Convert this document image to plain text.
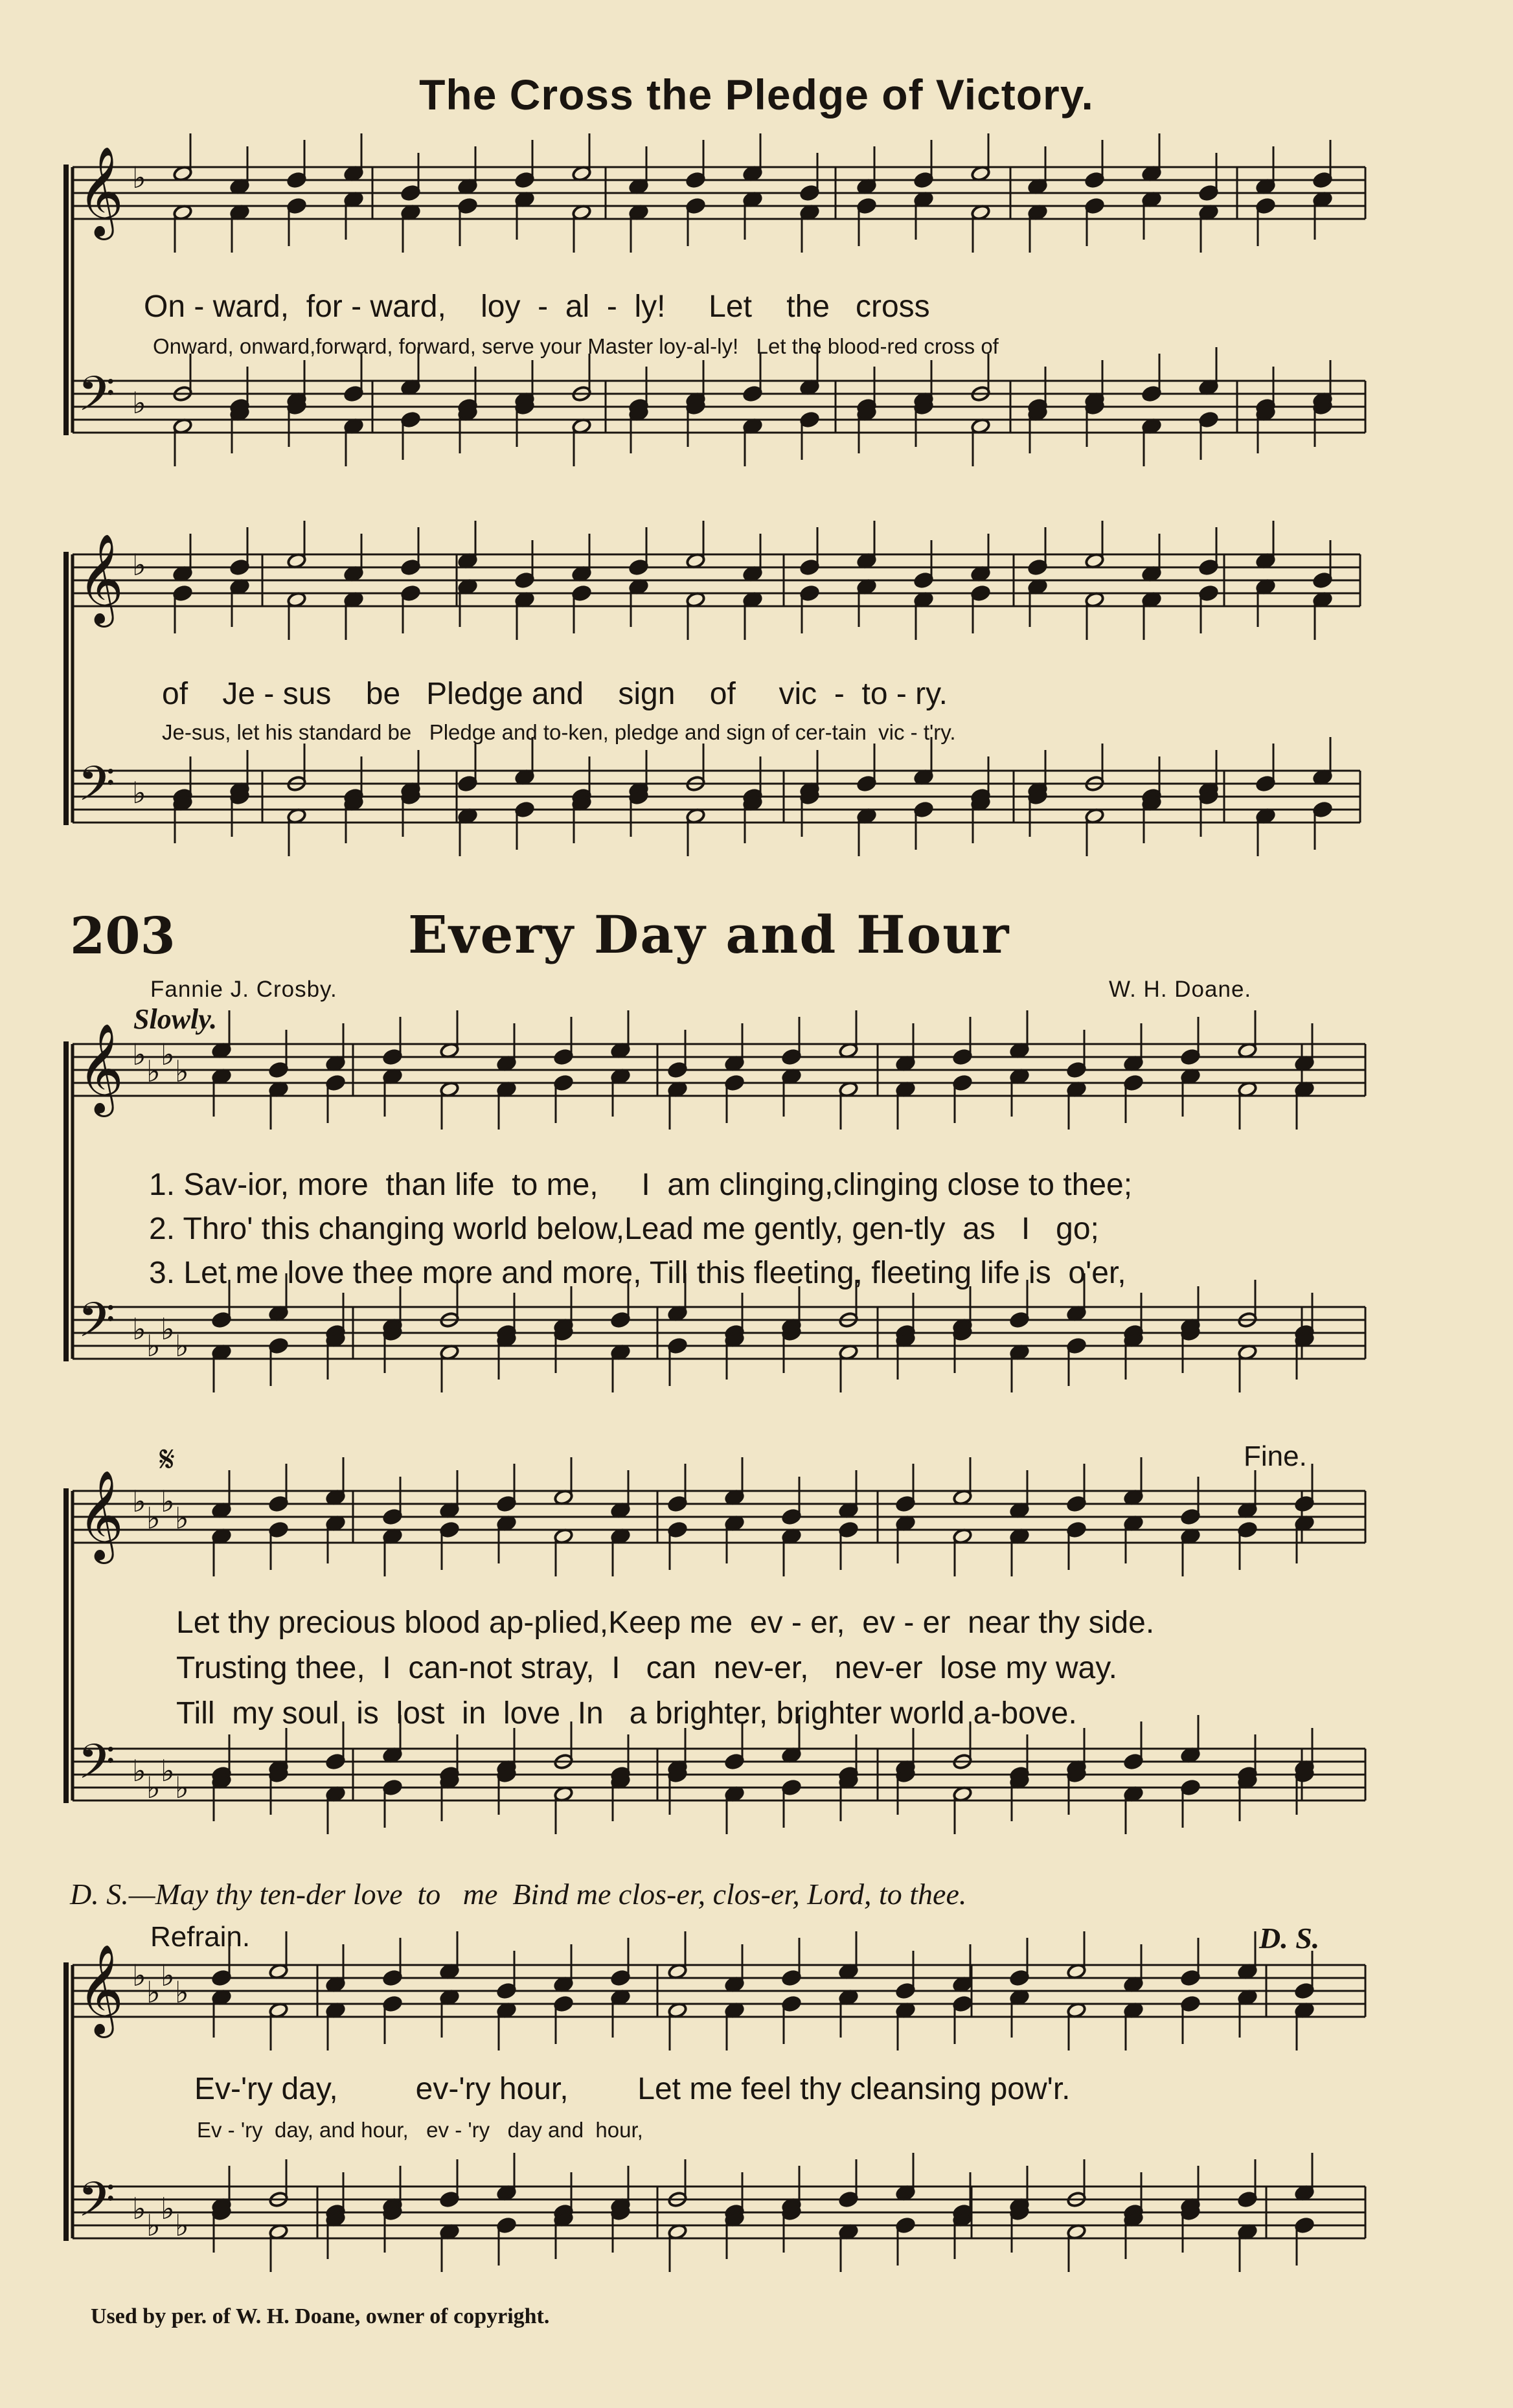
𝄞
𝄢
♭
♭
𝄞
𝄢
♭
♭
𝄞
𝄢
♭
♭
♭
♭
♭
♭
♭
♭
𝄞
𝄢
♭
♭
♭
♭
♭
♭
♭
♭
𝄞
𝄢
♭
♭
♭
♭
♭
♭
♭
♭
𝄋
The Cross the Pledge of Victory.
On - ward,  for - ward,    loy  -  al  -  ly!     Let    the   cross
Onward, onward,forward, forward, serve your Master loy-al-ly!   Let the blood-red cross of
of    Je - sus    be   Pledge and    sign    of     vic  -  to - ry.
Je-sus, let his standard be   Pledge and to-ken, pledge and sign of cer-tain  vic - t'ry.
203	Every Day and Hour
Fannie J. Crosby.	W. H. Doane.
Slowly.
1. Sav-ior, more  than life  to me,     I  am clinging,clinging close to thee;
2. Thro' this changing world below,Lead me gently, gen-tly  as   I   go;
3. Let me love thee more and more, Till this fleeting, fleeting life is  o'er,
Fine.
Let thy precious blood ap-plied,Keep me  ev - er,  ev - er  near thy side.
Trusting thee,  I  can-not stray,  I   can  nev-er,   nev-er  lose my way.
Till  my soul  is  lost  in  love  In   a brighter, brighter world a-bove.
D. S.—May thy ten-der love  to   me  Bind me clos-er, clos-er, Lord, to thee.
Refrain.	D. S.
Ev-'ry day,         ev-'ry hour,        Let me feel thy cleansing pow'r.
Ev - 'ry  day, and hour,   ev - 'ry   day and  hour,
Used by per. of W. H. Doane, owner of copyright.
